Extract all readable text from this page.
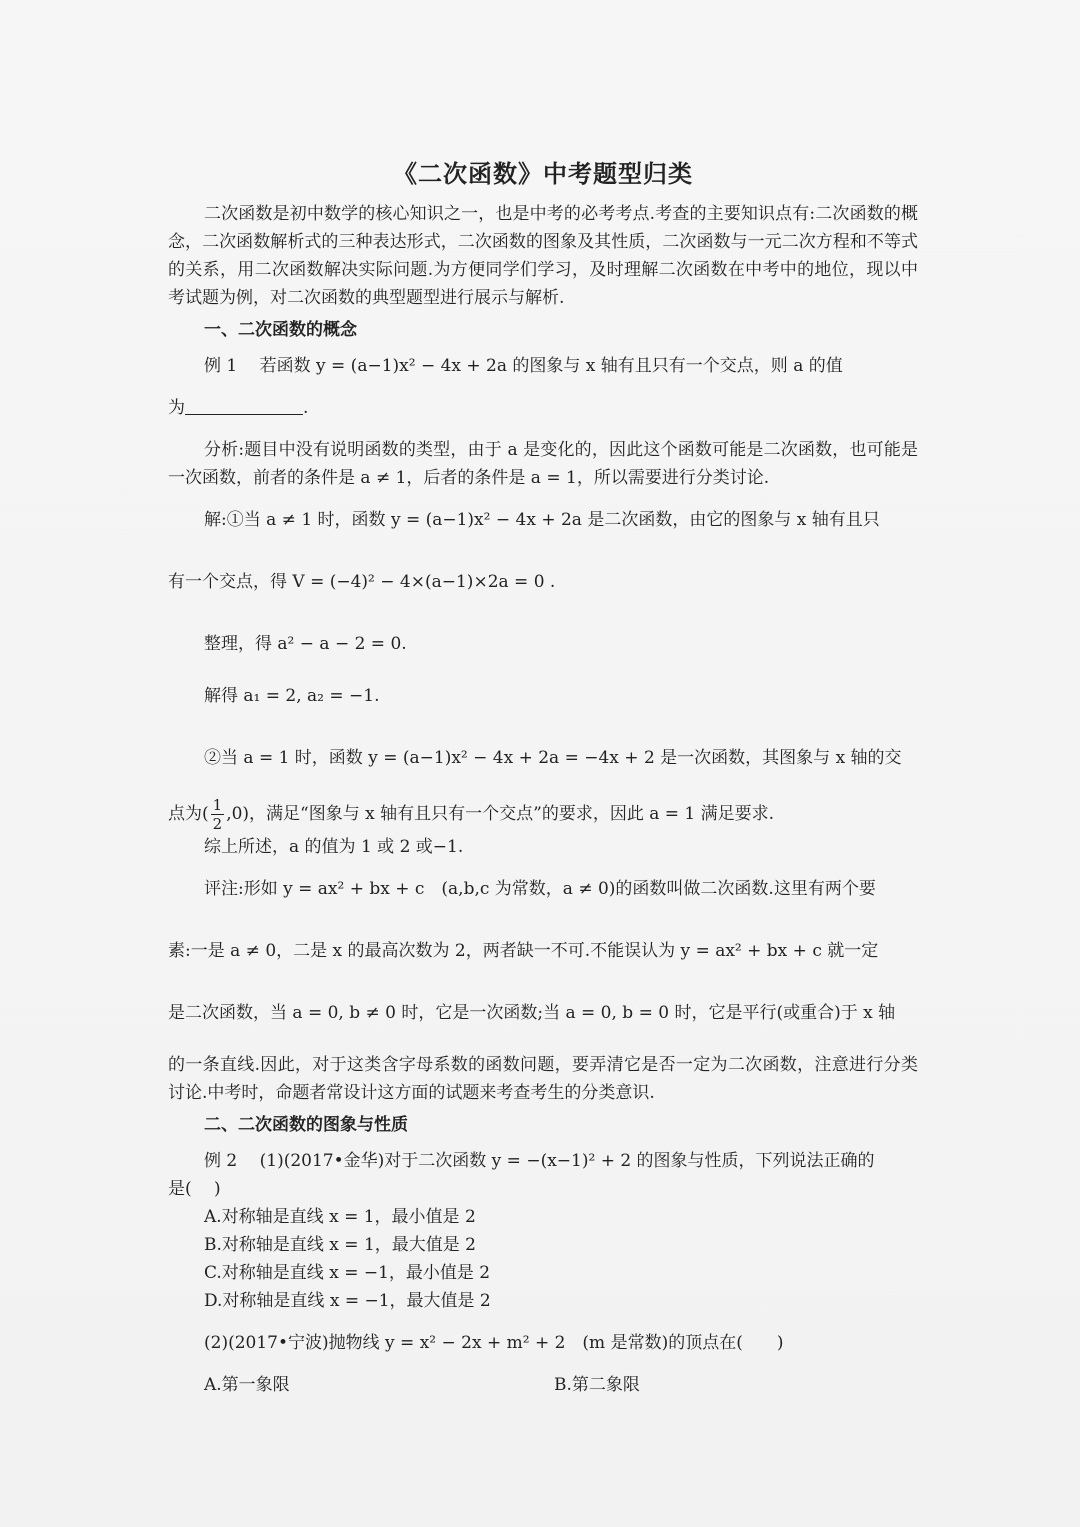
《二次函数》中考题型归类

二次函数是初中数学的核心知识之一，也是中考的必考考点.考查的主要知识点有:二次函数的概念，二次函数解析式的三种表达形式，二次函数的图象及其性质，二次函数与一元二次方程和不等式的关系，用二次函数解决实际问题.为方便同学们学习，及时理解二次函数在中考中的地位，现以中考试题为例，对二次函数的典型题型进行展示与解析.

一、二次函数的概念

例 1　 若函数 y = (a−1)x² − 4x + 2a 的图象与 x 轴有且只有一个交点，则 a 的值

为	.

分析:题目中没有说明函数的类型，由于 a 是变化的，因此这个函数可能是二次函数，也可能是一次函数，前者的条件是 a ≠ 1，后者的条件是 a = 1，所以需要进行分类讨论.

解:①当 a ≠ 1 时，函数 y = (a−1)x² − 4x + 2a 是二次函数，由它的图象与 x 轴有且只

有一个交点，得 V = (−4)² − 4×(a−1)×2a = 0 .

整理，得 a² − a − 2 = 0.

解得 a₁ = 2, a₂ = −1.

②当 a = 1 时，函数 y = (a−1)x² − 4x + 2a = −4x + 2 是一次函数，其图象与 x 轴的交

点为( $\frac{1}{2} ,0$)，满足“图象与 x 轴有且只有一个交点”的要求，因此 a = 1 满足要求.

综上所述，a 的值为 1 或 2 或−1.

评注:形如 y = ax² + bx + c　(a,b,c 为常数，a ≠ 0)的函数叫做二次函数.这里有两个要

素:一是 a ≠ 0，二是 x 的最高次数为 2，两者缺一不可.不能误认为 y = ax² + bx + c 就一定

是二次函数，当 a = 0, b ≠ 0 时，它是一次函数;当 a = 0, b = 0 时，它是平行(或重合)于 x 轴

的一条直线.因此，对于这类含字母系数的函数问题，要弄清它是否一定为二次函数，注意进行分类讨论.中考时，命题者常设计这方面的试题来考查考生的分类意识.

二、二次函数的图象与性质

例 2　 (1)(2017•金华)对于二次函数 y = −(x−1)² + 2 的图象与性质，下列说法正确的

是(　 )

A.对称轴是直线 x = 1，最小值是 2
B.对称轴是直线 x = 1，最大值是 2
C.对称轴是直线 x = −1，最小值是 2
D.对称轴是直线 x = −1，最大值是 2

(2)(2017•宁波)抛物线 y = x² − 2x + m² + 2　(m 是常数)的顶点在(　　)

A.第一象限	B.第二象限
